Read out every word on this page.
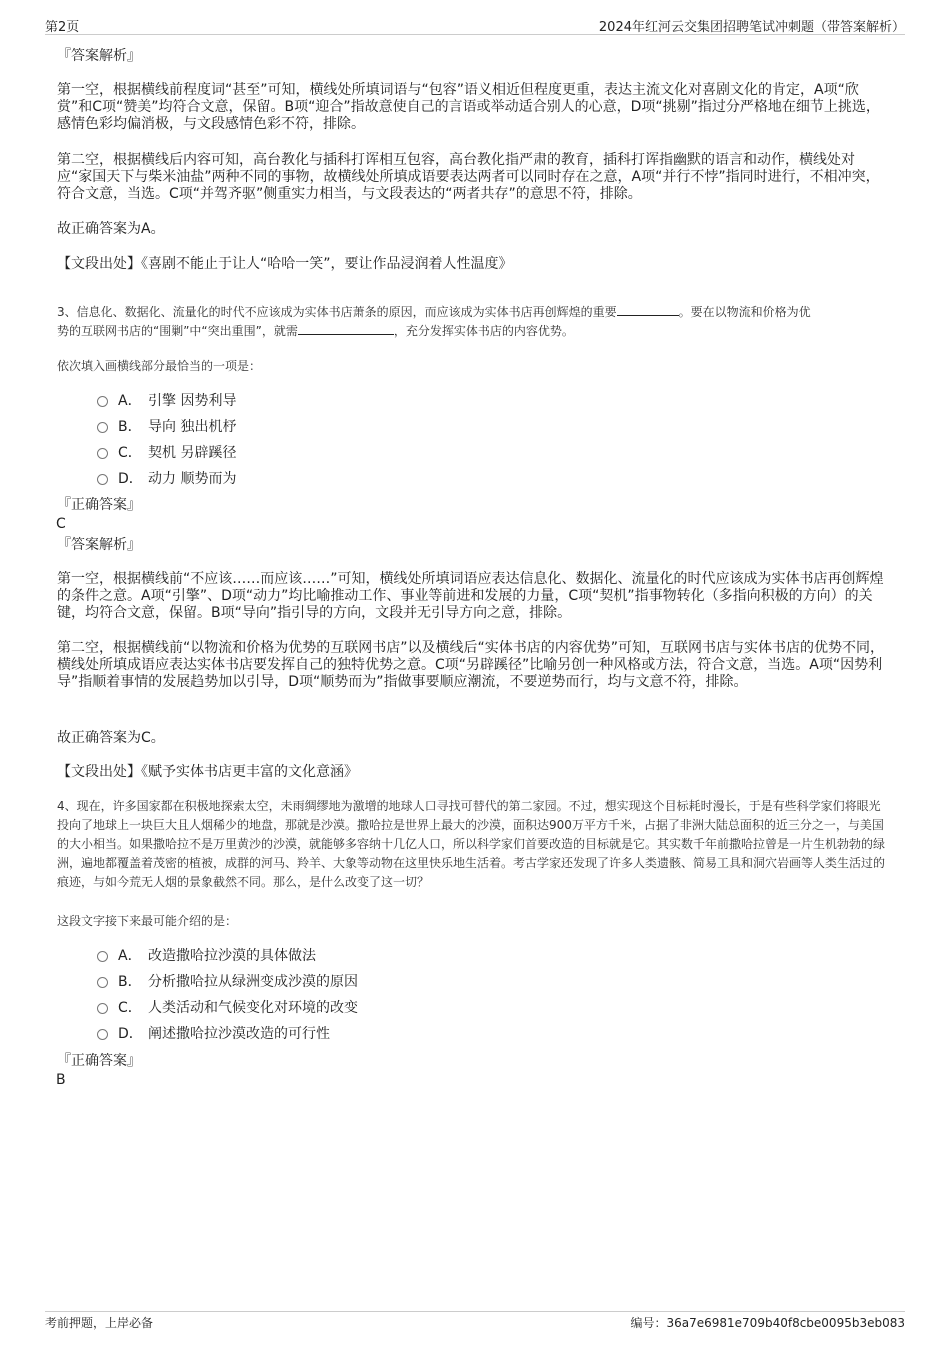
第2页	2024年红河云交集团招聘笔试冲刺题（带答案解析）
『答案解析』

第一空，根据横线前程度词“甚至”可知，横线处所填词语与“包容”语义相近但程度更重，表达主流文化对喜剧文化的肯定，A项“欣赏”和C项“赞美”均符合文意，保留。B项“迎合”指故意使自己的言语或举动适合别人的心意，D项“挑剔”指过分严格地在细节上挑选，感情色彩均偏消极，与文段感情色彩不符，排除。

第二空，根据横线后内容可知，高台教化与插科打诨相互包容，高台教化指严肃的教育，插科打诨指幽默的语言和动作，横线处对应“家国天下与柴米油盐”两种不同的事物，故横线处所填成语要表达两者可以同时存在之意，A项“并行不悖”指同时进行，不相冲突，符合文意，当选。C项“并驾齐驱”侧重实力相当，与文段表达的“两者共存”的意思不符，排除。

故正确答案为A。

【文段出处】《喜剧不能止于让人“哈哈一笑”，要让作品浸润着人性温度》

3、信息化、数据化、流量化的时代不应该成为实体书店萧条的原因，而应该成为实体书店再创辉煌的重要	。要在以物流和价格为优
势的互联网书店的“围剿”中“突出重围”，就需	，充分发挥实体书店的内容优势。

依次填入画横线部分最恰当的一项是：

A． 引擎 因势利导
B． 导向 独出机杼
C． 契机 另辟蹊径
D． 动力 顺势而为
『正确答案』
C
『答案解析』

第一空，根据横线前“不应该……而应该……”可知，横线处所填词语应表达信息化、数据化、流量化的时代应该成为实体书店再创辉煌的条件之意。A项“引擎”、D项“动力”均比喻推动工作、事业等前进和发展的力量，C项“契机”指事物转化（多指向积极的方向）的关键，均符合文意，保留。B项“导向”指引导的方向，文段并无引导方向之意，排除。

第二空，根据横线前“以物流和价格为优势的互联网书店”以及横线后“实体书店的内容优势”可知，互联网书店与实体书店的优势不同，横线处所填成语应表达实体书店要发挥自己的独特优势之意。C项“另辟蹊径”比喻另创一种风格或方法，符合文意，当选。A项“因势利导”指顺着事情的发展趋势加以引导，D项“顺势而为”指做事要顺应潮流，不要逆势而行，均与文意不符，排除。

故正确答案为C。

【文段出处】《赋予实体书店更丰富的文化意涵》

4、现在，许多国家都在积极地探索太空，未雨绸缪地为激增的地球人口寻找可替代的第二家园。不过，想实现这个目标耗时漫长，于是有些科学家们将眼光投向了地球上一块巨大且人烟稀少的地盘，那就是沙漠。撒哈拉是世界上最大的沙漠，面积达900万平方千米，占据了非洲大陆总面积的近三分之一，与美国的大小相当。如果撒哈拉不是万里黄沙的沙漠，就能够多容纳十几亿人口，所以科学家们首要改造的目标就是它。其实数千年前撒哈拉曾是一片生机勃勃的绿洲，遍地都覆盖着茂密的植被，成群的河马、羚羊、大象等动物在这里快乐地生活着。考古学家还发现了许多人类遗骸、简易工具和洞穴岩画等人类生活过的痕迹，与如今荒无人烟的景象截然不同。那么，是什么改变了这一切？

这段文字接下来最可能介绍的是：

A． 改造撒哈拉沙漠的具体做法
B． 分析撒哈拉从绿洲变成沙漠的原因
C． 人类活动和气候变化对环境的改变
D． 阐述撒哈拉沙漠改造的可行性
『正确答案』
B
考前押题，上岸必备	编号：36a7e6981e709b40f8cbe0095b3eb083
